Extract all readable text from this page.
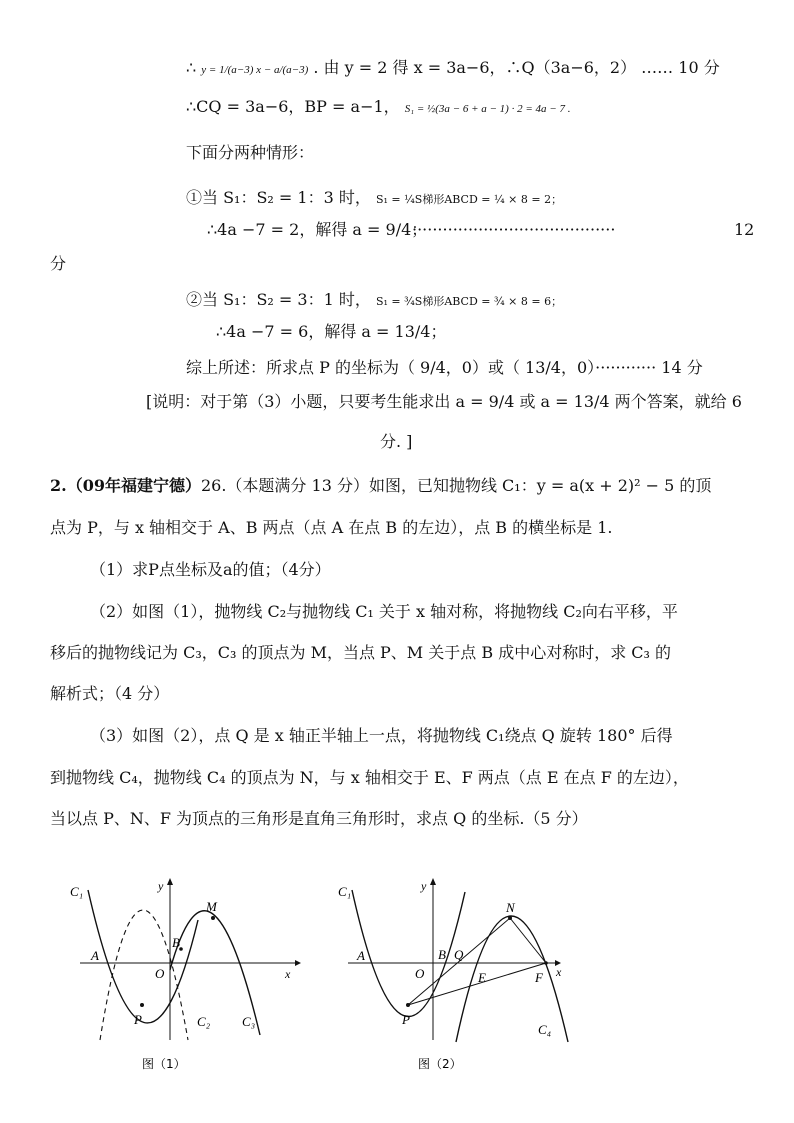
∴ y = 1/(a−3) x − a/(a−3) . 由 y = 2 得 x = 3a−6，∴Q（3a−6，2） …… 10 分
∴CQ = 3a−6，BP = a−1， S₁ = ½(3a − 6 + a − 1) · 2 = 4a − 7 .
下面分两种情形：
①当 S₁：S₂ = 1：3 时， S₁ = ¼S梯形ABCD = ¼ × 8 = 2；
∴4a −7 = 2，解得 a = 9/4；
········································	12
分
②当 S₁：S₂ = 3：1 时， S₁ = ¾S梯形ABCD = ¾ × 8 = 6；
∴4a −7 = 6，解得 a = 13/4；
综上所述：所求点 P 的坐标为（ 9/4，0）或（ 13/4，0）············ 14 分
[说明：对于第（3）小题，只要考生能求出 a = 9/4 或 a = 13/4 两个答案，就给 6
分. ]
2.（09年福建宁德）26.（本题满分 13 分）如图，已知抛物线 C₁：y = a(x + 2)² − 5 的顶
点为 P，与 x 轴相交于 A、B 两点（点 A 在点 B 的左边），点 B 的横坐标是 1.
（1）求P点坐标及a的值；（4分）
（2）如图（1），抛物线 C₂与抛物线 C₁ 关于 x 轴对称，将抛物线 C₂向右平移，平
移后的抛物线记为 C₃，C₃ 的顶点为 M，当点 P、M 关于点 B 成中心对称时，求 C₃ 的
解析式；（4 分）
（3）如图（2），点 Q 是 x 轴正半轴上一点，将抛物线 C₁绕点 Q 旋转 180° 后得
到抛物线 C₄，抛物线 C₄ 的顶点为 N，与 x 轴相交于 E、F 两点（点 E 在点 F 的左边），
当以点 P、N、F 为顶点的三角形是直角三角形时，求点 Q 的坐标.（5 分）
C₁	y
M
A
B
O	x
P	C₂ C₃
图（1）
C₁	y
N
A	B Q
O	E	F x
P
C₄
图（2）
